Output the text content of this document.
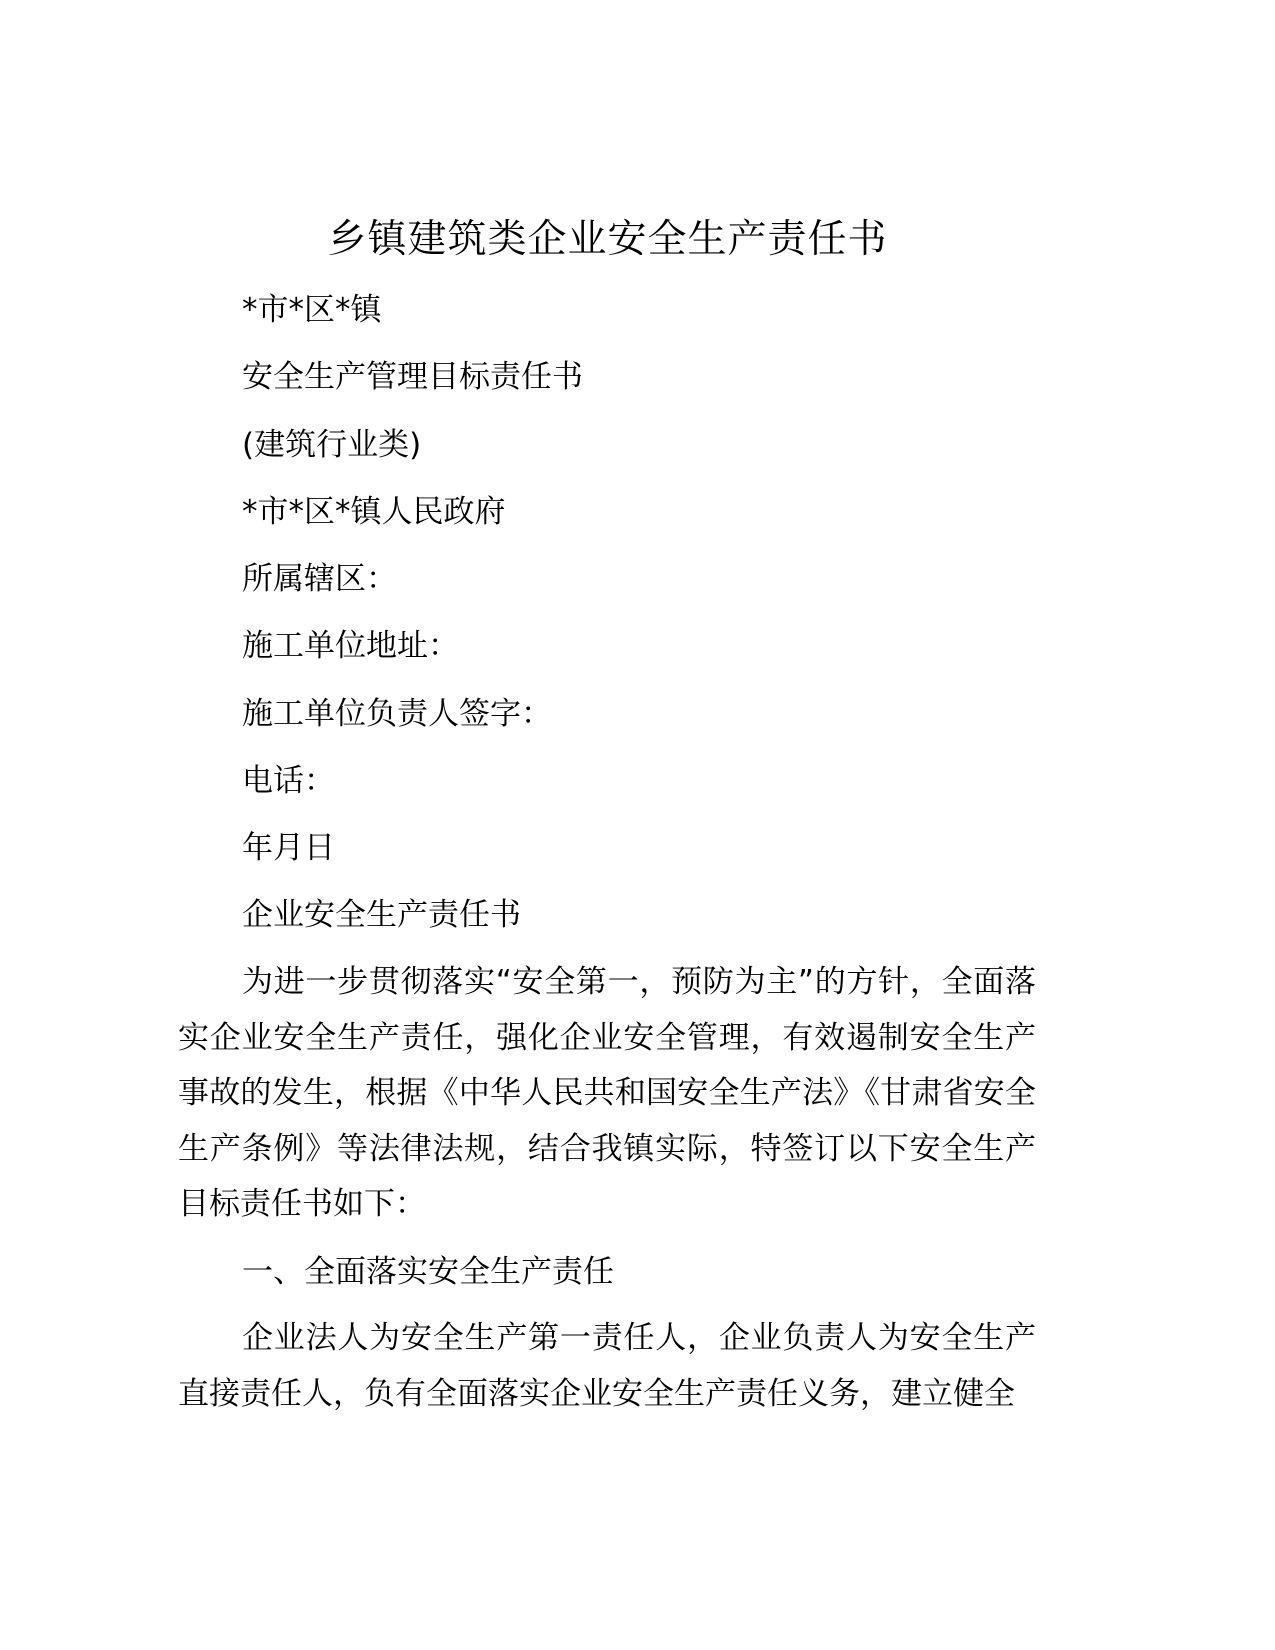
乡镇建筑类企业安全生产责任书
*市*区*镇
安全生产管理目标责任书
(建筑行业类)
*市*区*镇人民政府
所属辖区：
施工单位地址：
施工单位负责人签字：
电话：
年月日
企业安全生产责任书

为进一步贯彻落实“安全第一，预防为主”的方针，全面落实企业安全生产责任，强化企业安全管理，有效遏制安全生产事故的发生，根据《中华人民共和国安全生产法》《甘肃省安全生产条例》等法律法规，结合我镇实际，特签订以下安全生产目标责任书如下：

一、全面落实安全生产责任

企业法人为安全生产第一责任人，企业负责人为安全生产直接责任人，负有全面落实企业安全生产责任义务，建立健全
